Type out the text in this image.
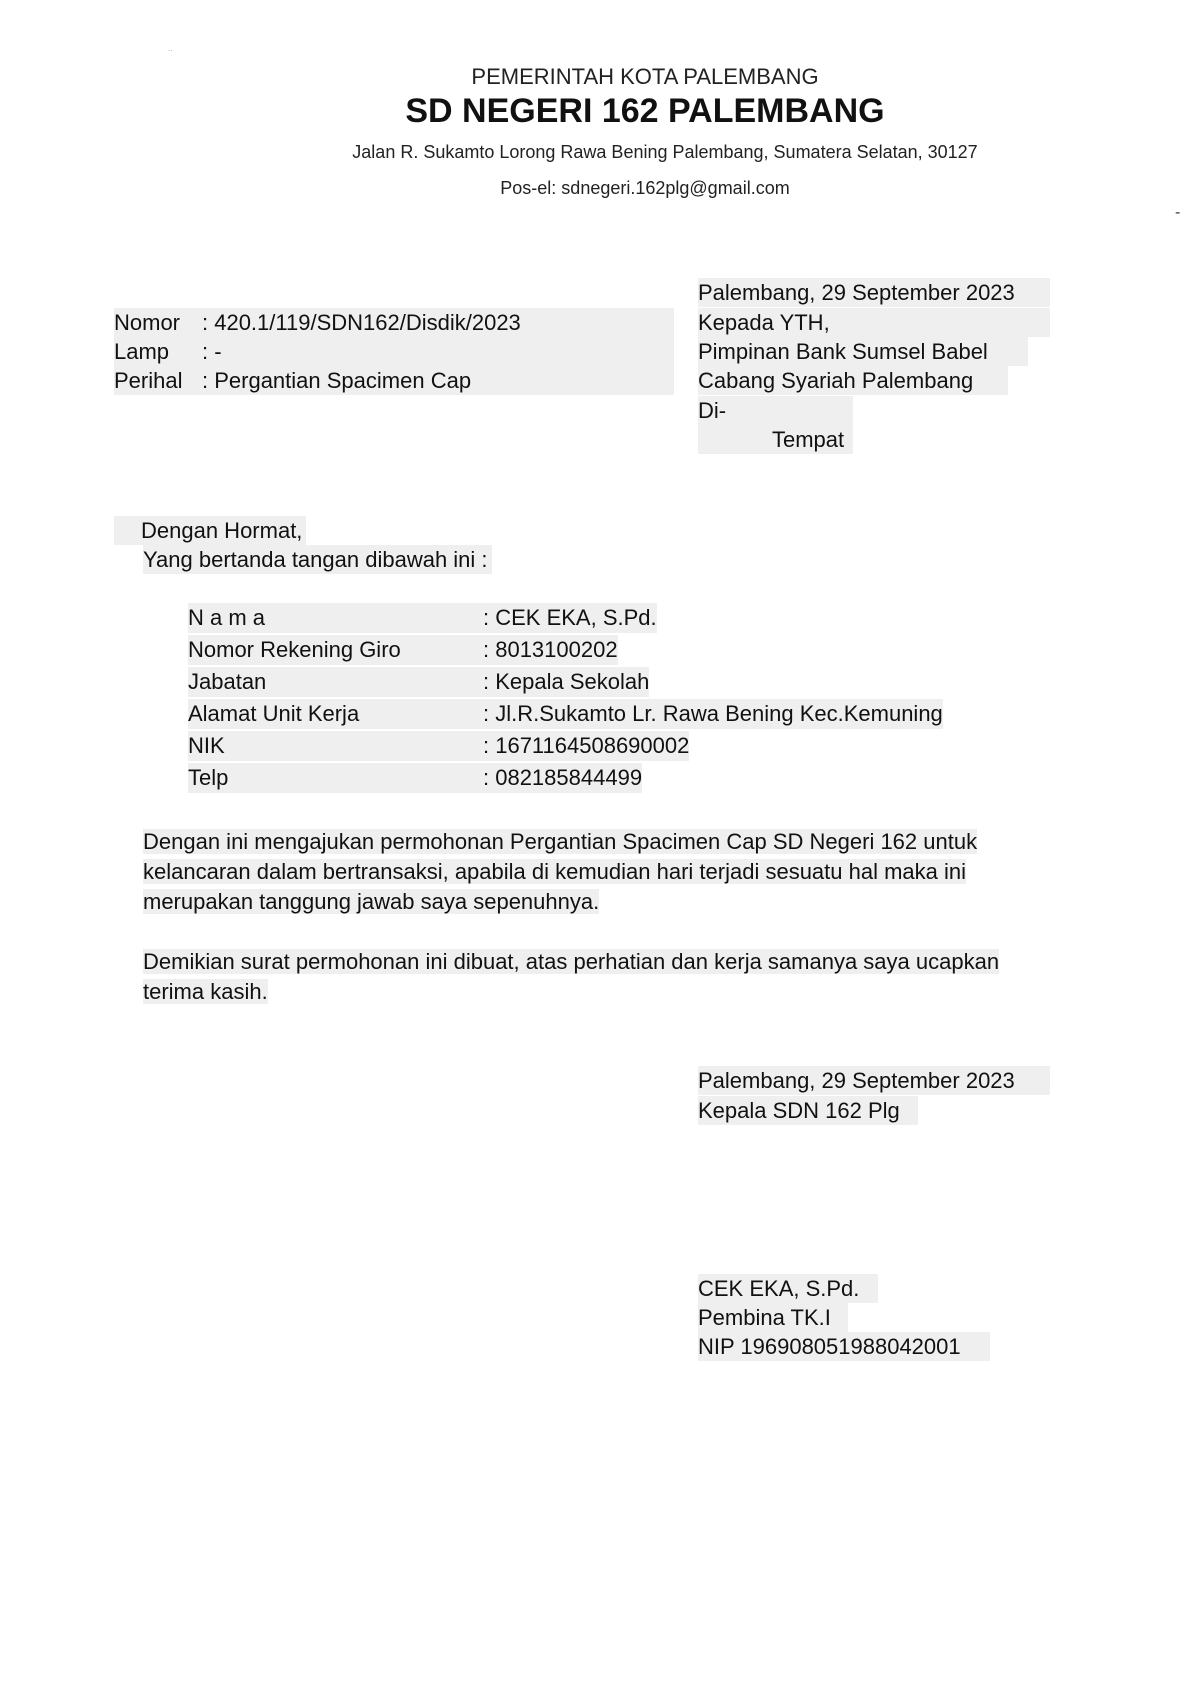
..
PEMERINTAH KOTA PALEMBANG
SD NEGERI 162 PALEMBANG
Jalan R. Sukamto Lorong Rawa Bening Palembang, Sumatera Selatan, 30127
Pos-el: sdnegeri.162plg@gmail.com
-
Nomor : 420.1/119/SDN162/Disdik/2023
Lamp : -
Perihal : Pergantian Spacimen Cap
Palembang, 29 September 2023
Kepada YTH,
Pimpinan Bank Sumsel Babel
Cabang Syariah Palembang
Di-
Tempat
Dengan Hormat,
Yang bertanda tangan dibawah ini :
N a m a	: CEK EKA, S.Pd.
Nomor Rekening Giro	: 8013100202
Jabatan	: Kepala Sekolah
Alamat Unit Kerja	: Jl.R.Sukamto Lr. Rawa Bening Kec.Kemuning
NIK	: 1671164508690002
Telp	: 082185844499
Dengan ini mengajukan permohonan Pergantian Spacimen Cap SD Negeri 162 untuk
kelancaran dalam bertransaksi, apabila di kemudian hari terjadi sesuatu hal maka ini
merupakan tanggung jawab saya sepenuhnya.
Demikian surat permohonan ini dibuat, atas perhatian dan kerja samanya saya ucapkan
terima kasih.
Palembang, 29 September 2023
Kepala SDN 162 Plg
CEK EKA, S.Pd.
Pembina TK.I
NIP 196908051988042001
